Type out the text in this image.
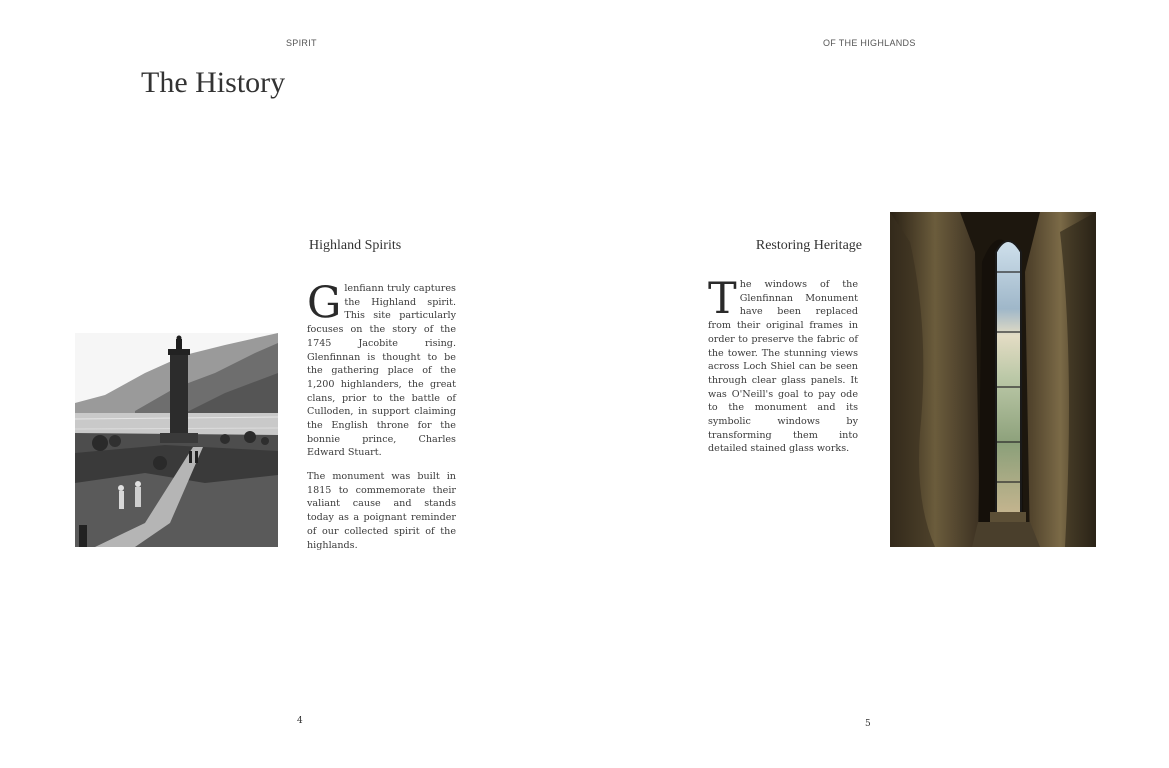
SPIRIT	OF THE HIGHLANDS
The History
Highland Spirits

Glenfiann truly captures the Highland spirit. This site particularly focuses on the story of the 1745 Jacobite rising. Glenfinnan is thought to be the gathering place of the 1,200 highlanders, the great clans, prior to the battle of Culloden, in support claiming the English throne for the bonnie prince, Charles Edward Stuart.

The monument was built in 1815 to commemorate their valiant cause and stands today as a poignant reminder of our collected spirit of the highlands.

4
Restoring Heritage

The windows of the Glenfinnan Monument have been replaced from their original frames in order to preserve the fabric of the tower. The stunning views across Loch Shiel can be seen through clear glass panels. It was O'Neill's goal to pay ode to the monument and its symbolic windows by transforming them into detailed stained glass works.

5
